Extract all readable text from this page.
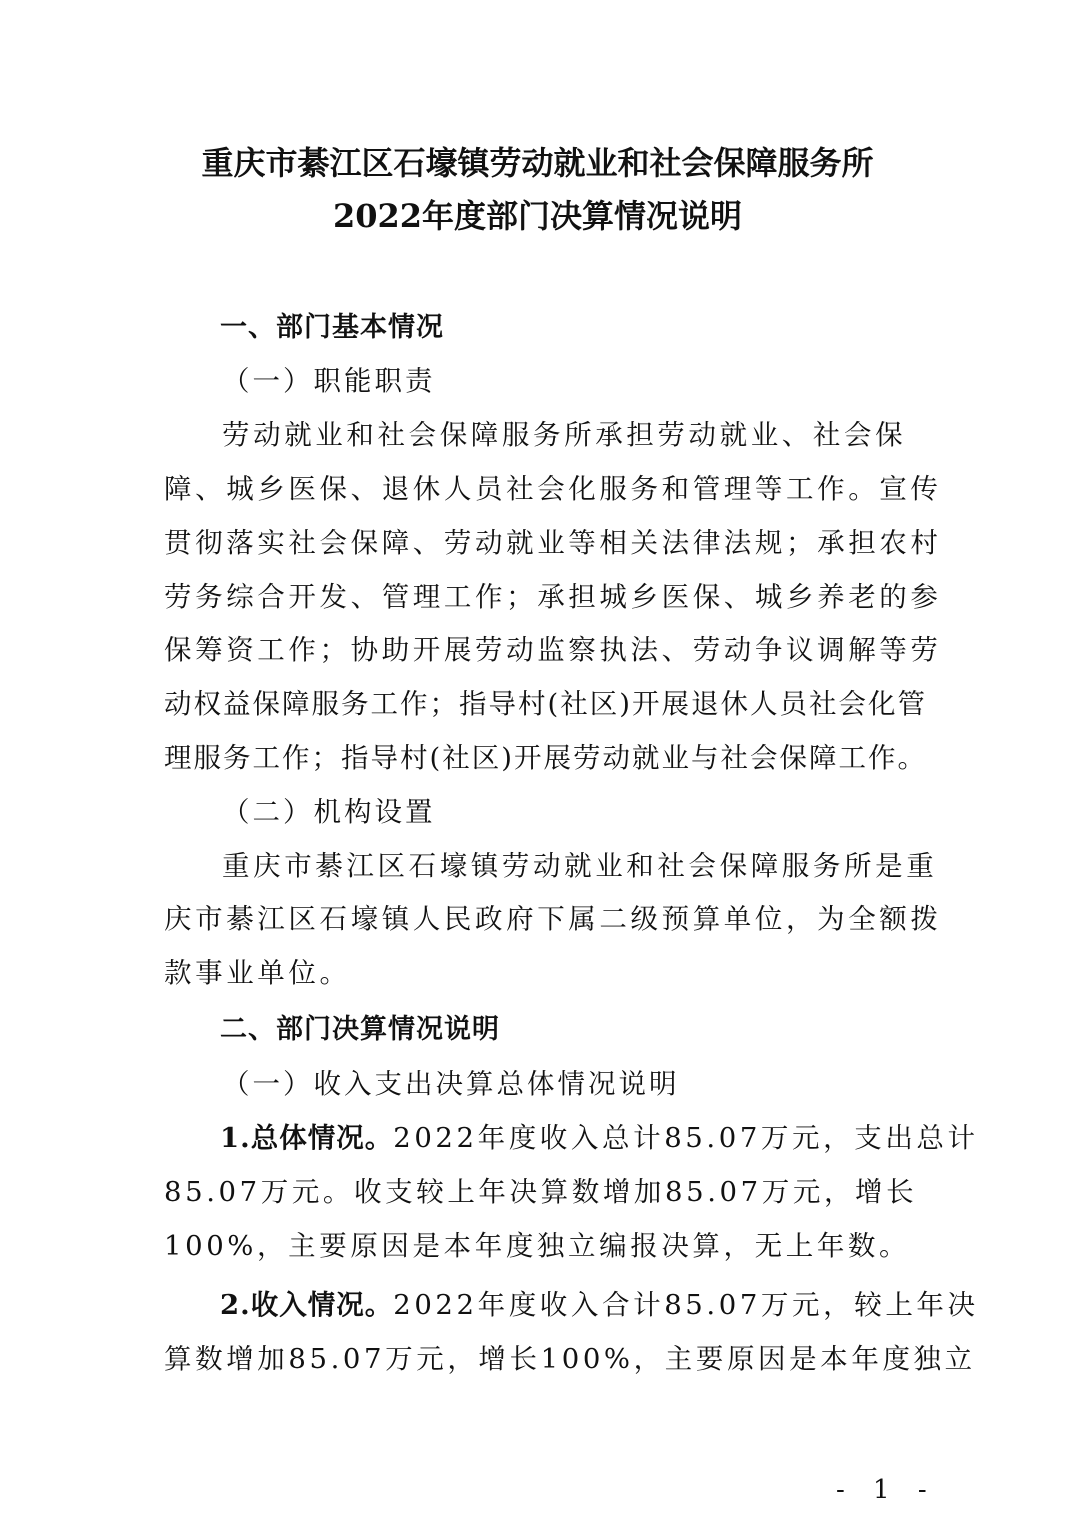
重庆市綦江区石壕镇劳动就业和社会保障服务所
2022年度部门决算情况说明

一、部门基本情况

（一）职能职责

劳动就业和社会保障服务所承担劳动就业、社会保

障、城乡医保、退休人员社会化服务和管理等工作。宣传

贯彻落实社会保障、劳动就业等相关法律法规；承担农村

劳务综合开发、管理工作；承担城乡医保、城乡养老的参

保筹资工作；协助开展劳动监察执法、劳动争议调解等劳

动权益保障服务工作；指导村(社区)开展退休人员社会化管

理服务工作；指导村(社区)开展劳动就业与社会保障工作。

（二）机构设置

重庆市綦江区石壕镇劳动就业和社会保障服务所是重

庆市綦江区石壕镇人民政府下属二级预算单位，为全额拨

款事业单位。

二、部门决算情况说明

（一）收入支出决算总体情况说明

1.总体情况。2022年度收入总计85.07万元，支出总计

85.07万元。收支较上年决算数增加85.07万元，增长

100%，主要原因是本年度独立编报决算，无上年数。

2.收入情况。2022年度收入合计85.07万元，较上年决

算数增加85.07万元，增长100%，主要原因是本年度独立

- 1 -
